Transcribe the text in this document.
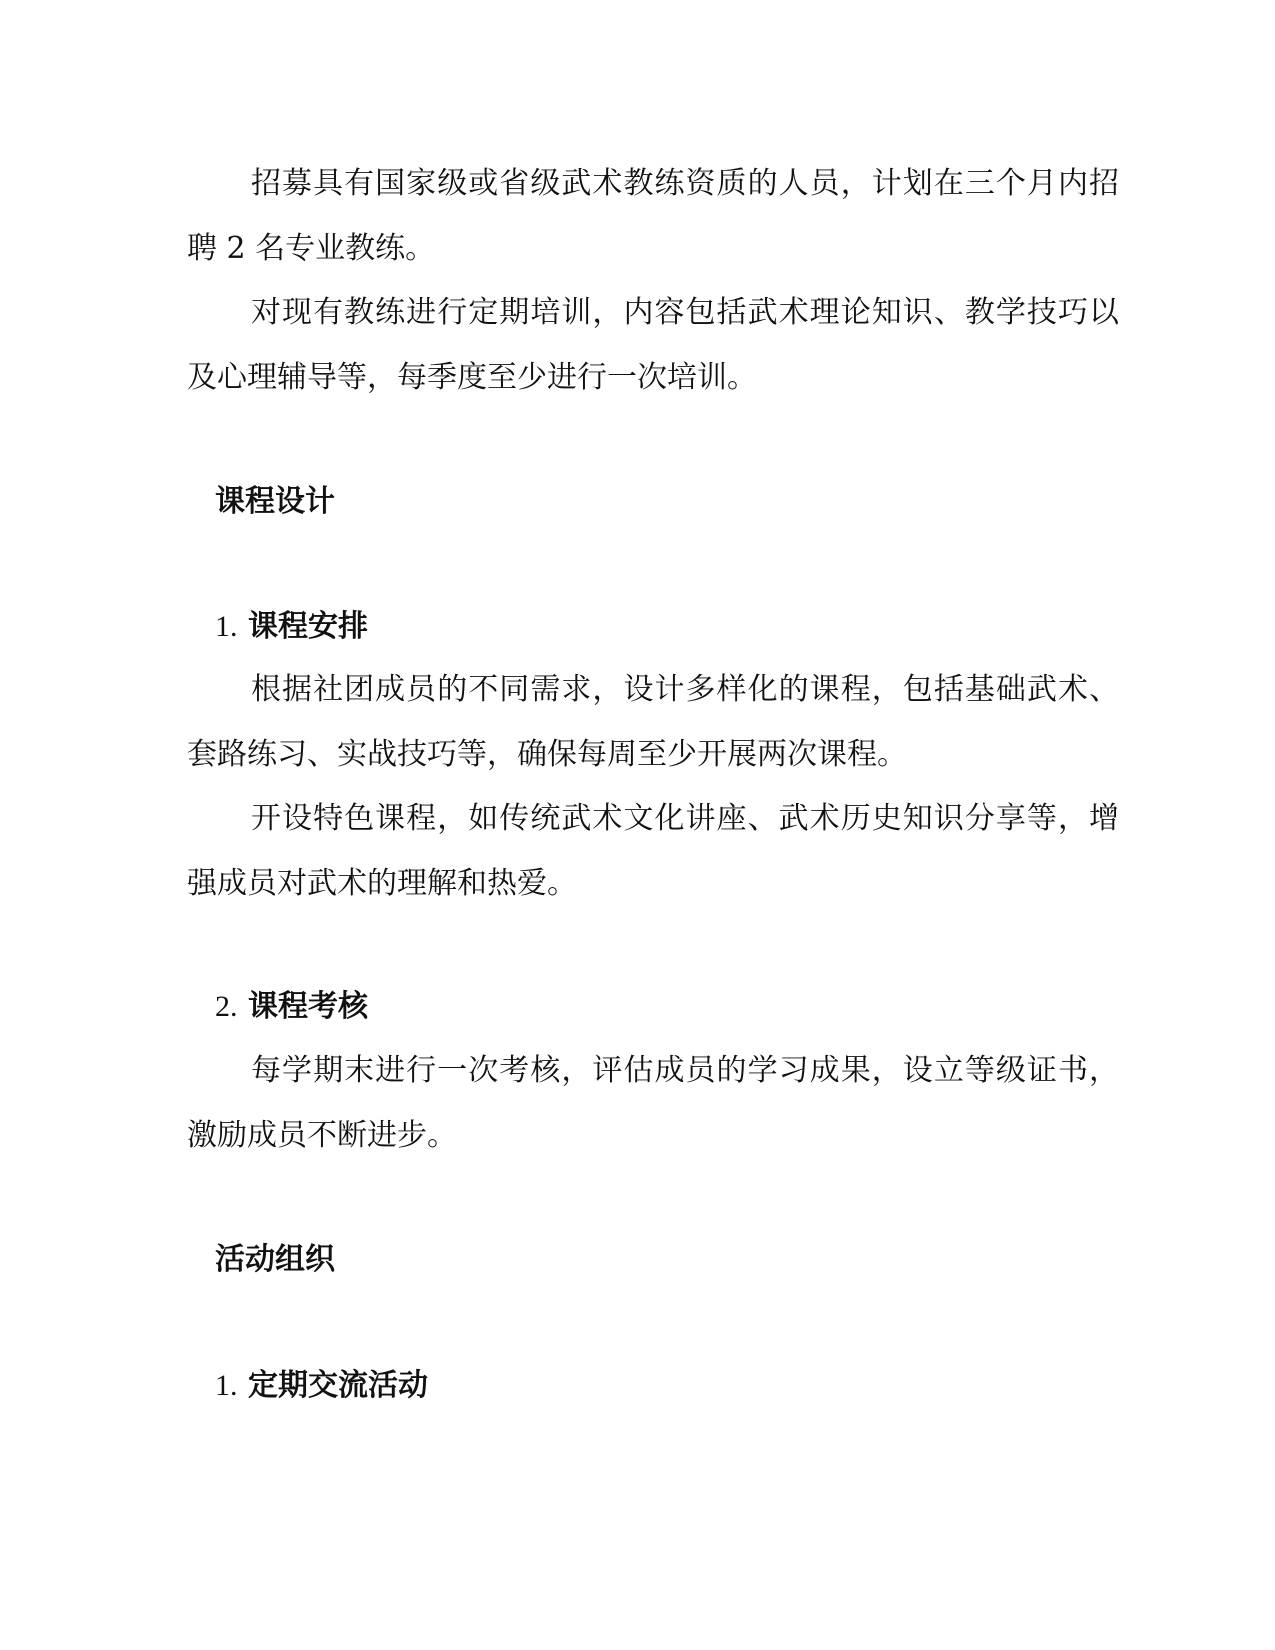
招募具有国家级或省级武术教练资质的人员，计划在三个月内招聘 2 名专业教练。

对现有教练进行定期培训，内容包括武术理论知识、教学技巧以及心理辅导等，每季度至少进行一次培训。

课程设计
1. 课程安排

根据社团成员的不同需求，设计多样化的课程，包括基础武术、套路练习、实战技巧等，确保每周至少开展两次课程。

开设特色课程，如传统武术文化讲座、武术历史知识分享等，增强成员对武术的理解和热爱。

2. 课程考核

每学期末进行一次考核，评估成员的学习成果，设立等级证书，激励成员不断进步。

活动组织
1. 定期交流活动
